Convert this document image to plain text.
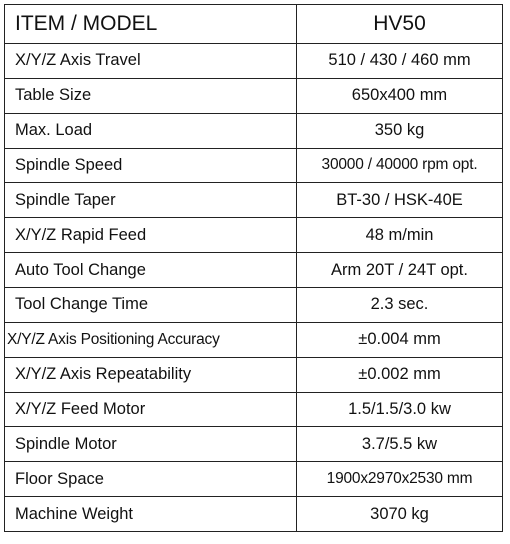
ITEM / MODEL	HV50
X/Y/Z Axis Travel	510 / 430 / 460 mm
Table Size	650x400 mm
Max. Load	350 kg
Spindle Speed	30000 / 40000 rpm opt.
Spindle Taper	BT-30 / HSK-40E
X/Y/Z Rapid Feed	48 m/min
Auto Tool Change	Arm 20T / 24T opt.
Tool Change Time	2.3 sec.
X/Y/Z Axis Positioning Accuracy	±0.004 mm
X/Y/Z Axis Repeatability	±0.002 mm
X/Y/Z Feed Motor	1.5/1.5/3.0 kw
Spindle Motor	3.7/5.5 kw
Floor Space	1900x2970x2530 mm
Machine Weight	3070 kg
